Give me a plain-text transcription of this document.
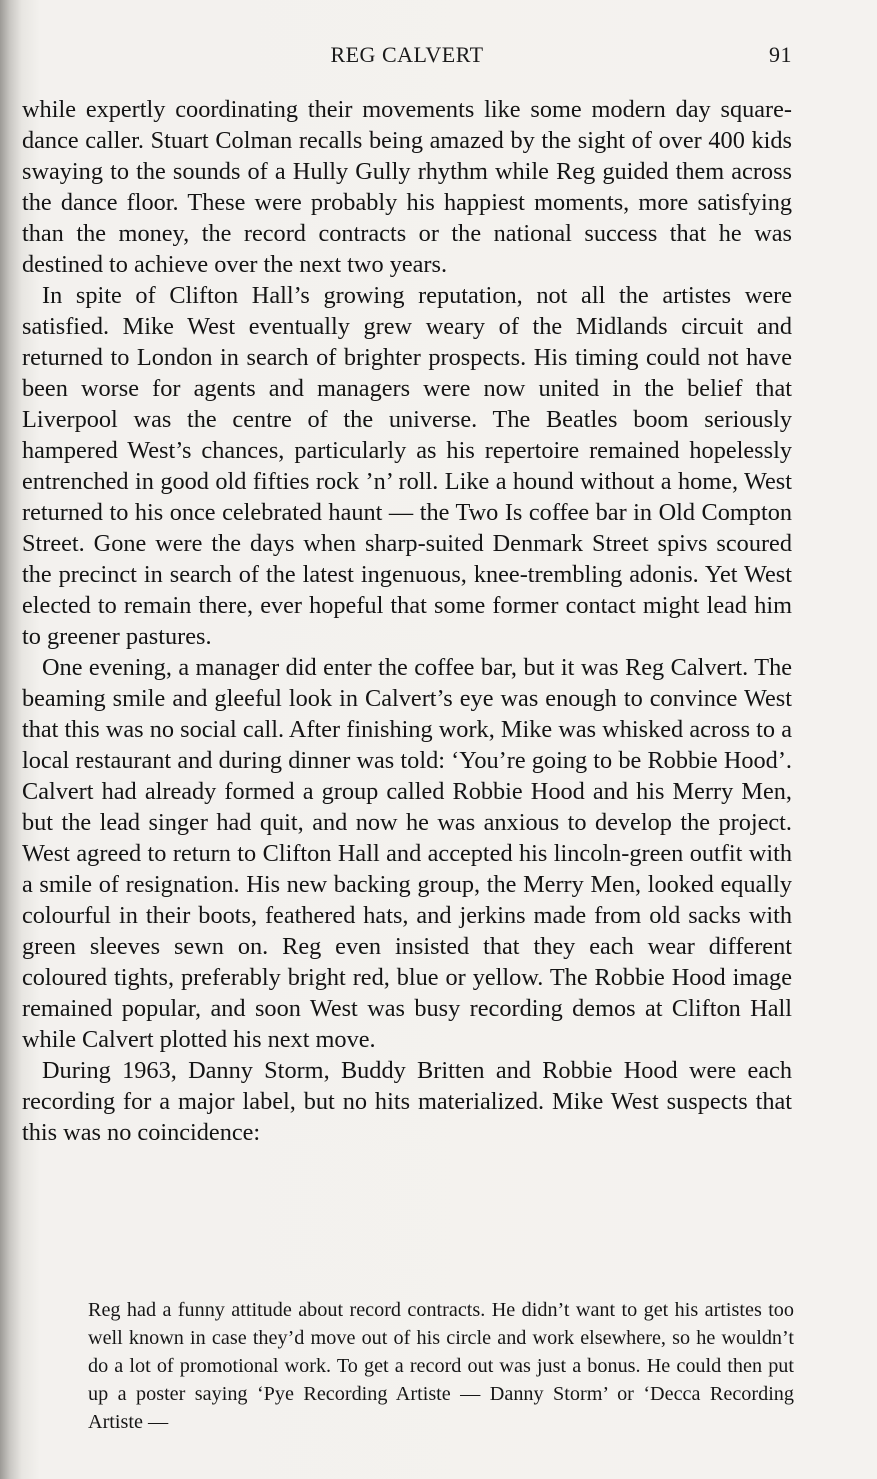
REG CALVERT	91

while expertly coordinating their movements like some modern day square-dance caller. Stuart Colman recalls being amazed by the sight of over 400 kids swaying to the sounds of a Hully Gully rhythm while Reg guided them across the dance floor. These were probably his happiest moments, more satisfying than the money, the record contracts or the national success that he was destined to achieve over the next two years.

In spite of Clifton Hall’s growing reputation, not all the artistes were satisfied. Mike West eventually grew weary of the Midlands circuit and returned to London in search of brighter prospects. His timing could not have been worse for agents and managers were now united in the belief that Liverpool was the centre of the universe. The Beatles boom seriously hampered West’s chances, particularly as his repertoire remained hopelessly entrenched in good old fifties rock ’n’ roll. Like a hound without a home, West returned to his once celebrated haunt — the Two Is coffee bar in Old Compton Street. Gone were the days when sharp-suited Denmark Street spivs scoured the precinct in search of the latest ingenuous, knee-trembling adonis. Yet West elected to remain there, ever hopeful that some former contact might lead him to greener pastures.

One evening, a manager did enter the coffee bar, but it was Reg Calvert. The beaming smile and gleeful look in Calvert’s eye was enough to convince West that this was no social call. After finishing work, Mike was whisked across to a local restaurant and during dinner was told: ‘You’re going to be Robbie Hood’. Calvert had already formed a group called Robbie Hood and his Merry Men, but the lead singer had quit, and now he was anxious to develop the project. West agreed to return to Clifton Hall and accepted his lincoln-green outfit with a smile of resignation. His new backing group, the Merry Men, looked equally colourful in their boots, feathered hats, and jerkins made from old sacks with green sleeves sewn on. Reg even insisted that they each wear different coloured tights, preferably bright red, blue or yellow. The Robbie Hood image remained popular, and soon West was busy recording demos at Clifton Hall while Calvert plotted his next move.

During 1963, Danny Storm, Buddy Britten and Robbie Hood were each recording for a major label, but no hits materialized. Mike West suspects that this was no coincidence:

Reg had a funny attitude about record contracts. He didn’t want to get his artistes too well known in case they’d move out of his circle and work elsewhere, so he wouldn’t do a lot of promotional work. To get a record out was just a bonus. He could then put up a poster saying ‘Pye Recording Artiste — Danny Storm’ or ‘Decca Recording Artiste —
